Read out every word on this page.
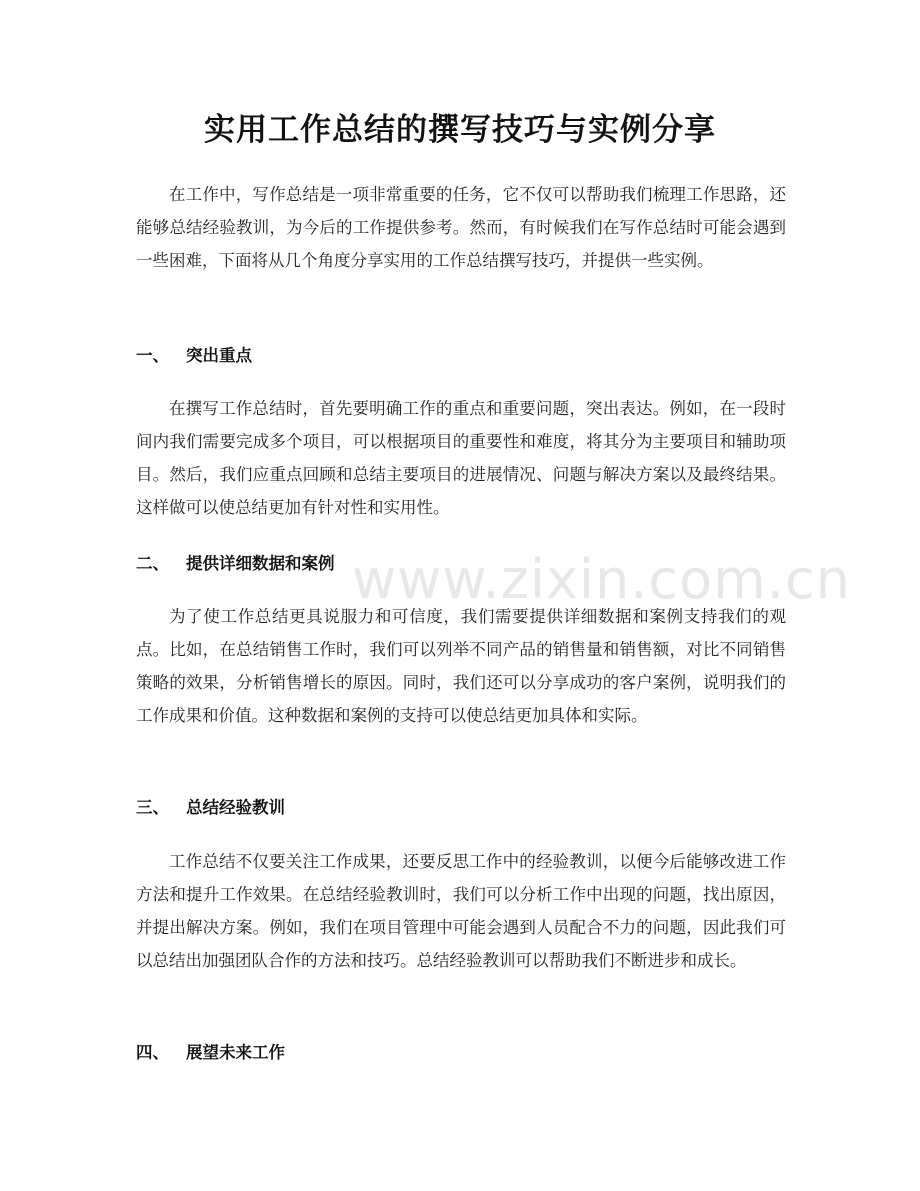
实用工作总结的撰写技巧与实例分享

在工作中，写作总结是一项非常重要的任务，它不仅可以帮助我们梳理工作思路，还能够总结经验教训，为今后的工作提供参考。然而，有时候我们在写作总结时可能会遇到一些困难，下面将从几个角度分享实用的工作总结撰写技巧，并提供一些实例。

一、 突出重点

在撰写工作总结时，首先要明确工作的重点和重要问题，突出表达。例如，在一段时间内我们需要完成多个项目，可以根据项目的重要性和难度，将其分为主要项目和辅助项目。然后，我们应重点回顾和总结主要项目的进展情况、问题与解决方案以及最终结果。这样做可以使总结更加有针对性和实用性。

二、 提供详细数据和案例

为了使工作总结更具说服力和可信度，我们需要提供详细数据和案例支持我们的观点。比如，在总结销售工作时，我们可以列举不同产品的销售量和销售额，对比不同销售策略的效果，分析销售增长的原因。同时，我们还可以分享成功的客户案例，说明我们的工作成果和价值。这种数据和案例的支持可以使总结更加具体和实际。

三、 总结经验教训

工作总结不仅要关注工作成果，还要反思工作中的经验教训，以便今后能够改进工作方法和提升工作效果。在总结经验教训时，我们可以分析工作中出现的问题，找出原因，并提出解决方案。例如，我们在项目管理中可能会遇到人员配合不力的问题，因此我们可以总结出加强团队合作的方法和技巧。总结经验教训可以帮助我们不断进步和成长。

四、 展望未来工作
www.zixin.com.cn
